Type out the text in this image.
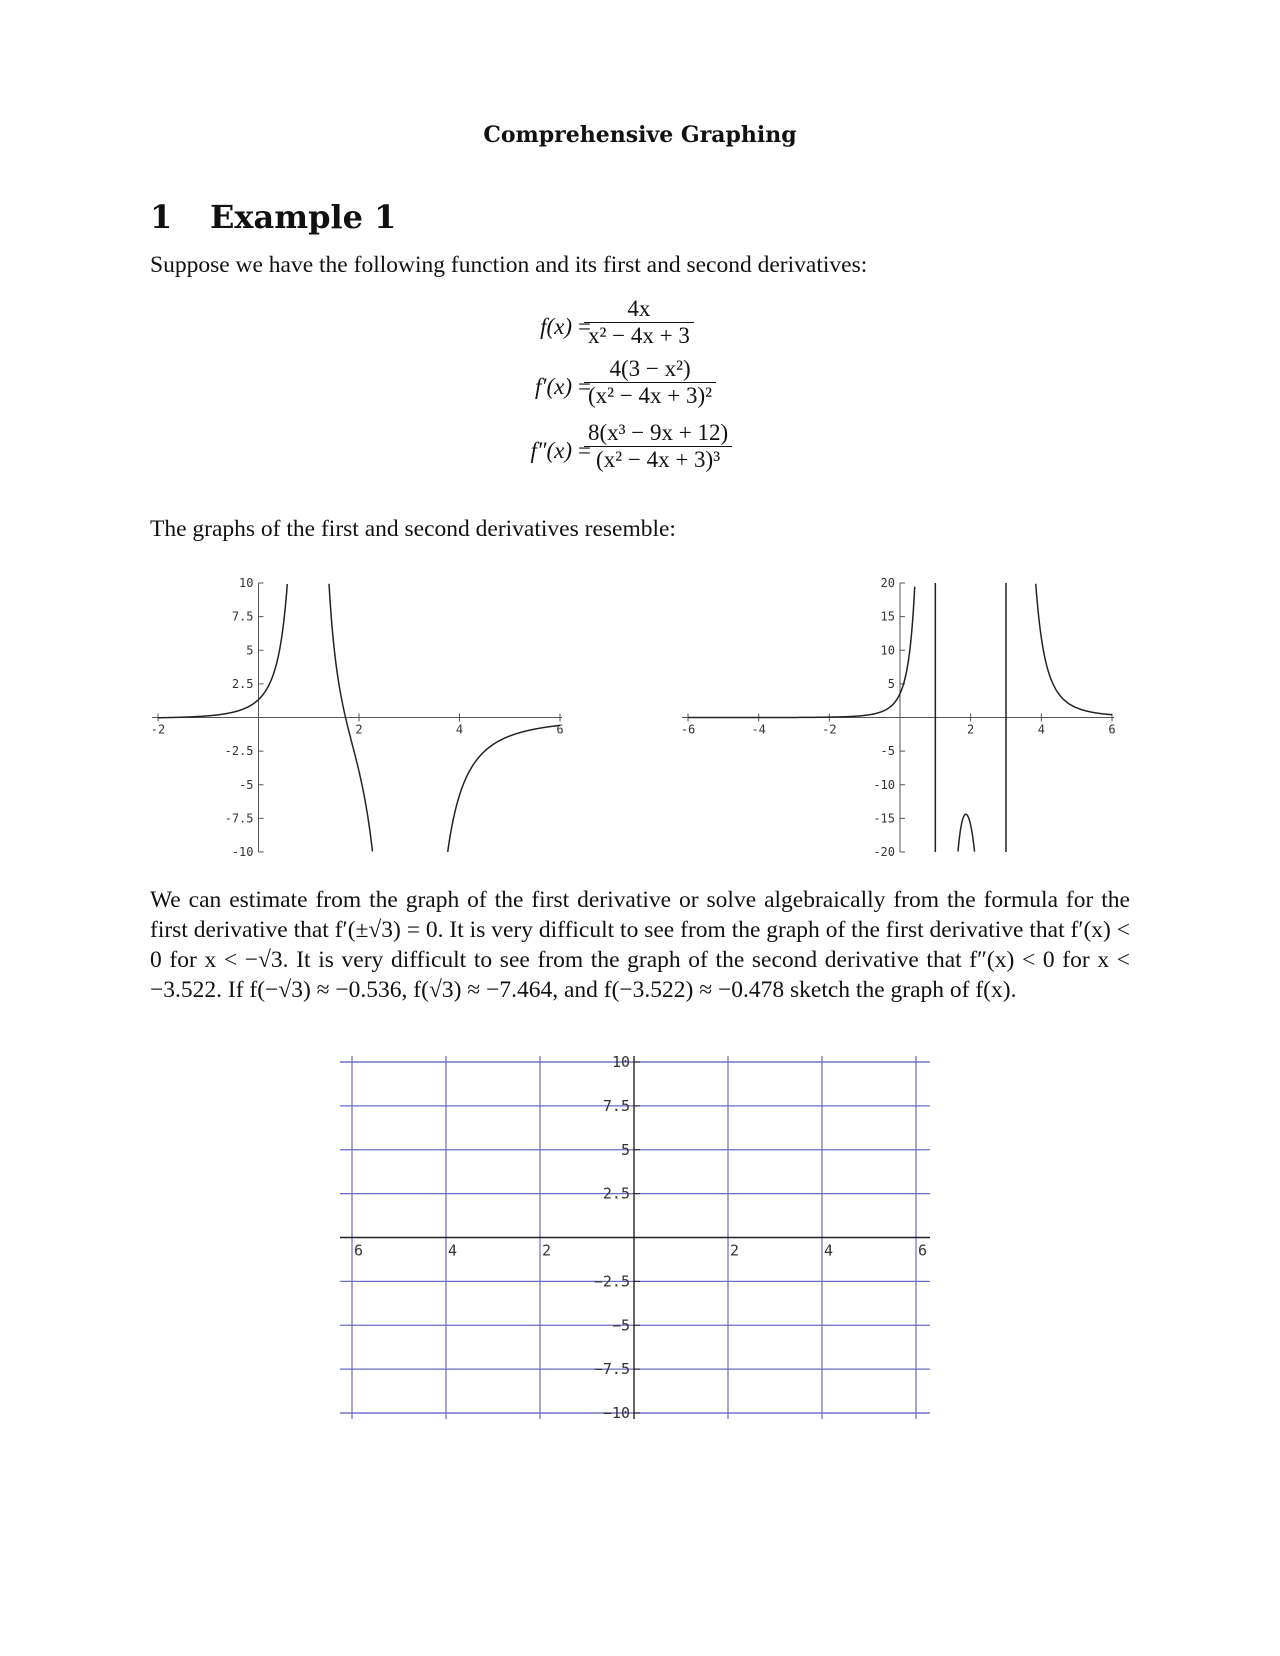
Comprehensive Graphing
1 Example 1
Suppose we have the following function and its first and second derivatives:
f(x) =
$\frac{4x}{\text{x² − 4x + 3}}$
f′(x) =
$\frac{\text{4(3 − x²)}}{\text{(x² − 4x + 3)²}}$
f″(x) =
$\frac{\text{8(x³ − 9x + 12)}}{\text{(x² − 4x + 3)³}}$
The graphs of the first and second derivatives resemble:
-2	2	4	6
10
7.5
5
2.5
-2.5
-5
-7.5
-10
-6	-4	-2	2	4	6
20
15
10
5
-5
-10
-15
-20
We can estimate from the graph of the first derivative or solve algebraically from the formula for the first derivative that f′(±√3) = 0. It is very difficult to see from the graph of the first derivative that f′(x) < 0 for x < −√3. It is very difficult to see from the graph of the second derivative that f″(x) < 0 for x < −3.522. If f(−√3) ≈ −0.536, f(√3) ≈ −7.464, and f(−3.522) ≈ −0.478 sketch the graph of f(x).
6	4	2	2	4	6
10
7.5
5
2.5
−2.5
−5
−7.5
−10
